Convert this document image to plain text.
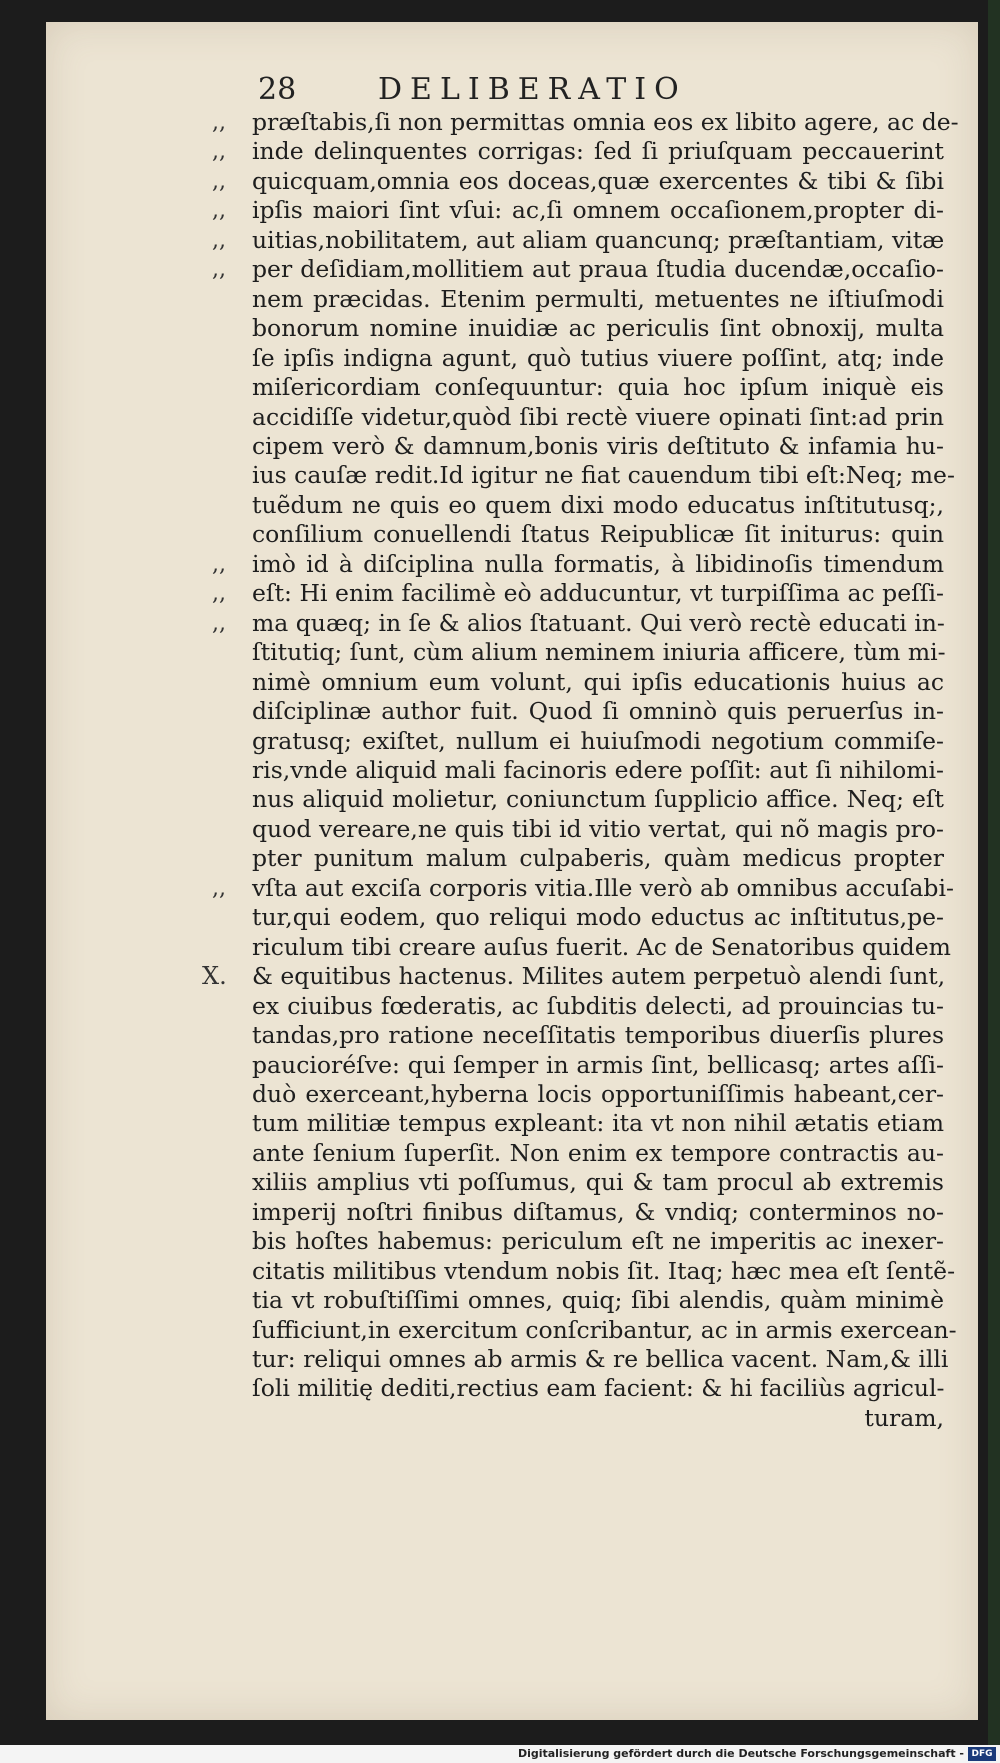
28	DELIBERATIO
,, præſtabis,ſi non permittas omnia eos ex libito agere, ac de-
,, inde delinquentes corrigas: ſed ſi priuſquam peccauerint
,, quicquam,omnia eos doceas,quæ exercentes & tibi & ſibi
,, ipſis maiori ſint vſui: ac,ſi omnem occaſionem,propter di-
,, uitias,nobilitatem, aut aliam quancunq; præſtantiam, vitæ
,, per deſidiam,mollitiem aut praua ſtudia ducendæ,occaſio-
nem præcidas. Etenim permulti, metuentes ne iſtiuſmodi
bonorum nomine inuidiæ ac periculis ſint obnoxij, multa
ſe ipſis indigna agunt, quò tutius viuere poſſint, atq; inde
miſericordiam conſequuntur: quia hoc ipſum iniquè eis
accidiſſe videtur,quòd ſibi rectè viuere opinati ſint:ad prin
cipem verò & damnum,bonis viris deſtituto & infamia hu-
ius cauſæ redit.Id igitur ne fiat cauendum tibi eſt:Neq; me-
tuẽdum ne quis eo quem dixi modo educatus inſtitutusq;,
conſilium conuellendi ſtatus Reipublicæ ſit initurus: quin
,, imò id à diſciplina nulla formatis, à libidinoſis timendum
,, eſt: Hi enim facilimè eò adducuntur, vt turpiſſima ac peſſi-
,, ma quæq; in ſe & alios ſtatuant. Qui verò rectè educati in-
ſtitutiq; ſunt, cùm alium neminem iniuria afficere, tùm mi-
nimè omnium eum volunt, qui ipſis educationis huius ac
diſciplinæ author fuit. Quod ſi omninò quis peruerſus in-
gratusq; exiſtet, nullum ei huiuſmodi negotium commiſe-
ris,vnde aliquid mali facinoris edere poſſit: aut ſi nihilomi-
nus aliquid molietur, coniunctum ſupplicio affice. Neq; eſt
quod vereare,ne quis tibi id vitio vertat, qui nõ magis pro-
pter punitum malum culpaberis, quàm medicus propter
,, vſta aut exciſa corporis vitia.Ille verò ab omnibus accuſabi-
tur,qui eodem, quo reliqui modo eductus ac inſtitutus,pe-
riculum tibi creare auſus fuerit. Ac de Senatoribus quidem
X. & equitibus hactenus. Milites autem perpetuò alendi ſunt,
ex ciuibus fœderatis, ac ſubditis delecti, ad prouincias tu-
tandas,pro ratione neceſſitatis temporibus diuerſis plures
paucioréſve: qui ſemper in armis ſint, bellicasq; artes aſſi-
duò exerceant,hyberna locis opportuniſſimis habeant,cer-
tum militiæ tempus expleant: ita vt non nihil ætatis etiam
ante ſenium ſuperſit. Non enim ex tempore contractis au-
xiliis amplius vti poſſumus, qui & tam procul ab extremis
imperij noſtri finibus diſtamus, & vndiq; conterminos no-
bis hoſtes habemus: periculum eſt ne imperitis ac inexer-
citatis militibus vtendum nobis ſit. Itaq; hæc mea eſt ſentẽ-
tia vt robuſtiſſimi omnes, quiq; ſibi alendis, quàm minimè
ſufficiunt,in exercitum conſcribantur, ac in armis exercean-
tur: reliqui omnes ab armis & re bellica vacent. Nam,& illi
ſoli militię dediti,rectius eam facient: & hi faciliùs agricul-
turam,
Digitalisierung gefördert durch die Deutsche Forschungsgemeinschaft - DFG
